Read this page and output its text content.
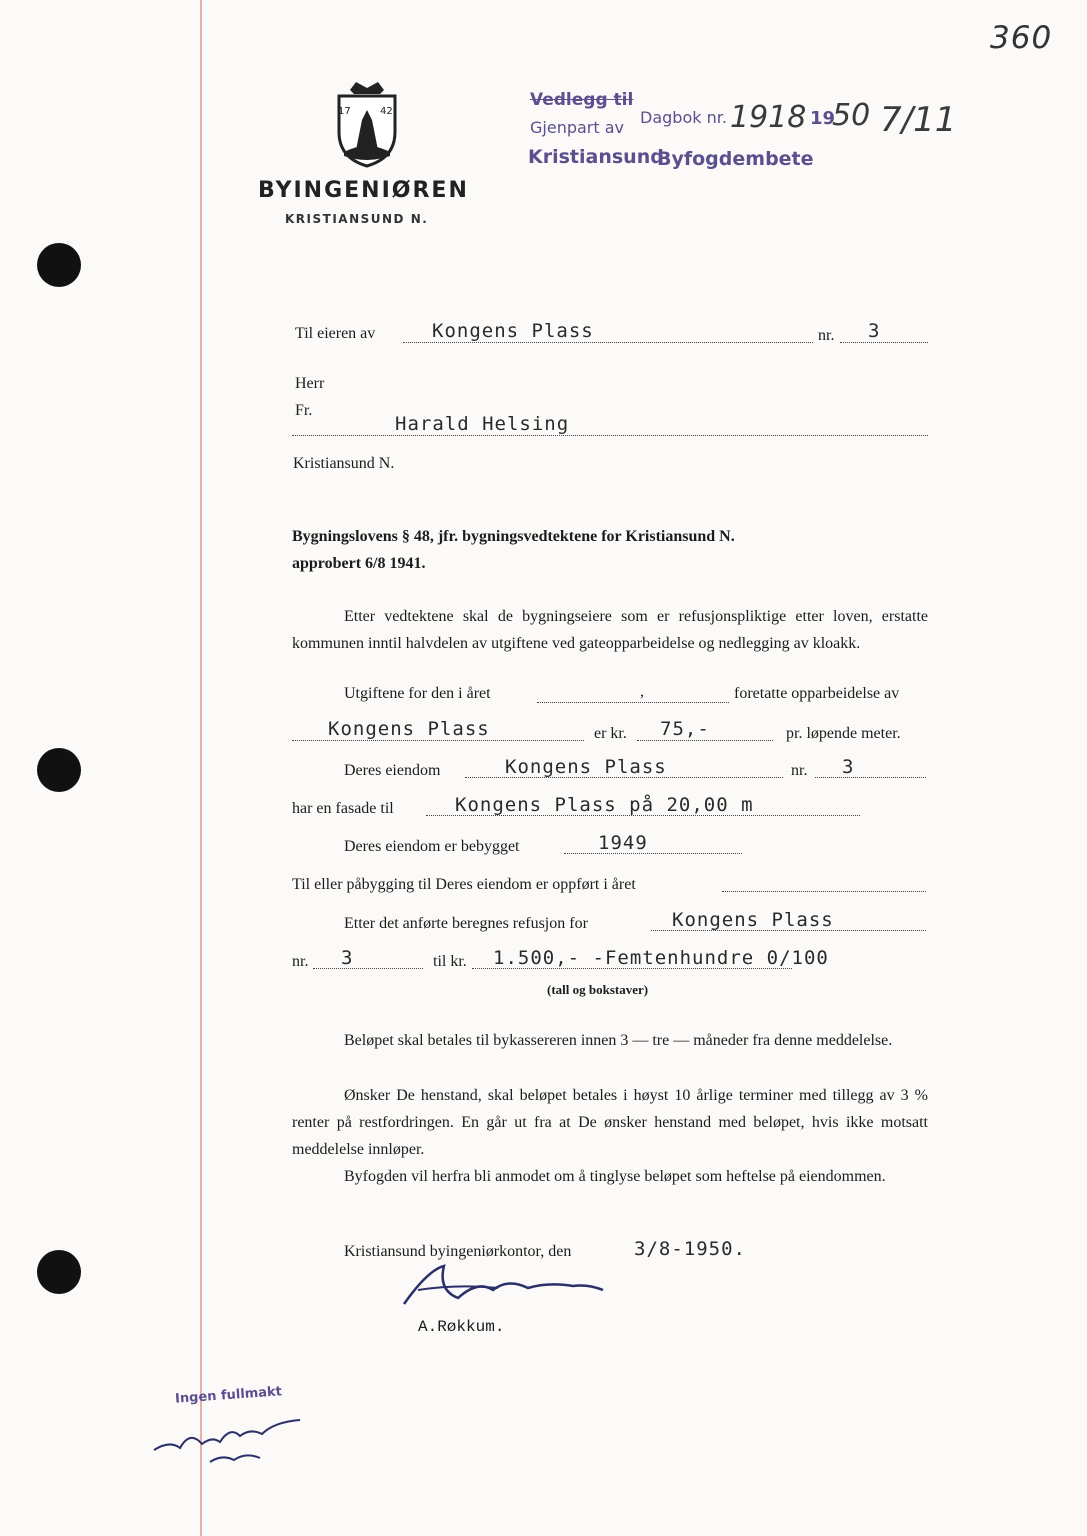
360
17	42
BYINGENIØREN
KRISTIANSUND N.
Vedlegg til
Dagbok nr. 1918 19
50 7/11
Gjenpart av
Kristiansund
Byfogdembete
Til eieren av	Kongens Plass	nr. 3
Herr
Fr.
Harald Helsing
Kristiansund N.
Bygningslovens § 48, jfr. bygningsvedtektene for Kristiansund N.
approbert 6/8 1941.
Etter vedtektene skal de bygningseiere som er refusjonspliktige etter loven, erstatte kommunen inntil halvdelen av utgiftene ved gateopparbeidelse og nedlegging av kloakk.
Utgiftene for den i året	,	foretatte opparbeidelse av
Kongens Plass	er kr. 75,-	pr. løpende meter.
Deres eiendom	Kongens Plass	nr. 3
har en fasade til	Kongens Plass på 20,00 m
Deres eiendom er bebygget	1949
Til eller påbygging til Deres eiendom er oppført i året
Etter det anførte beregnes refusjon for	Kongens Plass
nr. 3	til kr. 1.500,- -Femtenhundre 0/100
(tall og bokstaver)
Beløpet skal betales til bykassereren innen 3 — tre — måneder fra denne meddelelse.
Ønsker De henstand, skal beløpet betales i høyst 10 årlige terminer med tillegg av 3 % renter på restfordringen. En går ut fra at De ønsker henstand med beløpet, hvis ikke motsatt meddelelse innløper.
Byfogden vil herfra bli anmodet om å tinglyse beløpet som heftelse på eiendommen.
Kristiansund byingeniørkontor, den	3/8-1950.
A.Røkkum.
Ingen fullmakt
